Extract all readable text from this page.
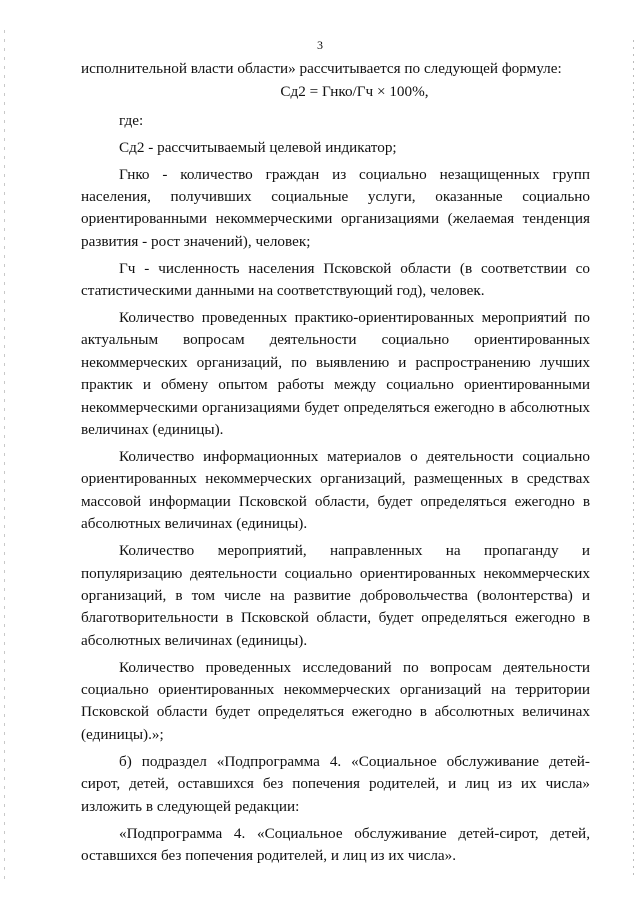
3

исполнительной власти области» рассчитывается по следующей формуле:

Сд2 = Гнко/Гч × 100%,

где:

Сд2 - рассчитываемый целевой индикатор;

Гнко - количество граждан из социально незащищенных групп населения, получивших социальные услуги, оказанные социально ориентированными некоммерческими организациями (желаемая тенденция развития - рост значений), человек;

Гч - численность населения Псковской области (в соответствии со статистическими данными на соответствующий год), человек.

Количество проведенных практико-ориентированных мероприятий по актуальным вопросам деятельности социально ориентированных некоммерческих организаций, по выявлению и распространению лучших практик и обмену опытом работы между социально ориентированными некоммерческими организациями будет определяться ежегодно в абсолютных величинах (единицы).

Количество информационных материалов о деятельности социально ориентированных некоммерческих организаций, размещенных в средствах массовой информации Псковской области, будет определяться ежегодно в абсолютных величинах (единицы).

Количество мероприятий, направленных на пропаганду и популяризацию деятельности социально ориентированных некоммерческих организаций, в том числе на развитие добровольчества (волонтерства) и благотворительности в Псковской области, будет определяться ежегодно в абсолютных величинах (единицы).

Количество проведенных исследований по вопросам деятельности социально ориентированных некоммерческих организаций на территории Псковской области будет определяться ежегодно в абсолютных величинах (единицы).»;

б) подраздел «Подпрограмма 4. «Социальное обслуживание детей-сирот, детей, оставшихся без попечения родителей, и лиц из их числа» изложить в следующей редакции:

«Подпрограмма 4. «Социальное обслуживание детей-сирот, детей, оставшихся без попечения родителей, и лиц из их числа».
